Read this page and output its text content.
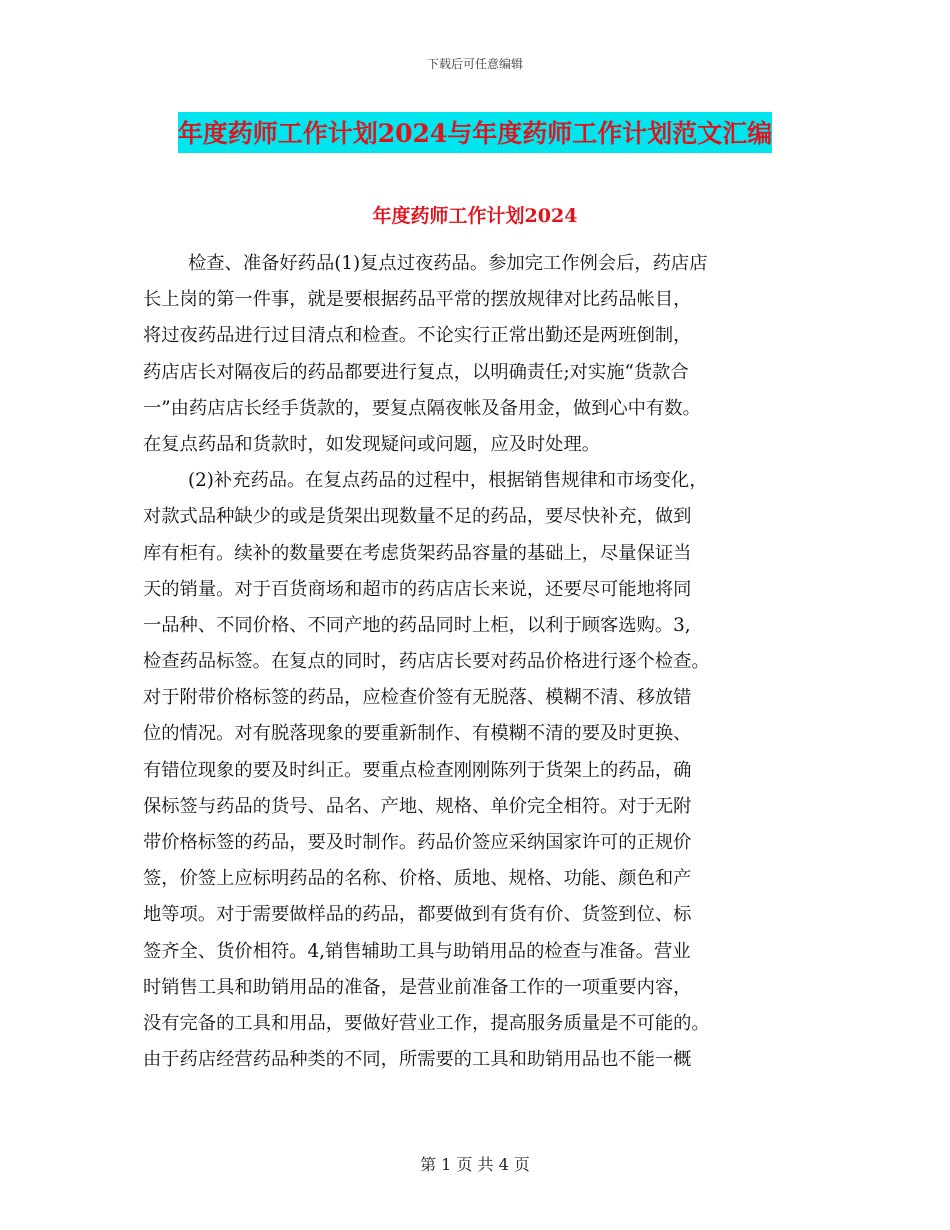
下载后可任意编辑
年度药师工作计划2024与年度药师工作计划范文汇编
年度药师工作计划2024
检查、准备好药品(1)复点过夜药品。参加完工作例会后，药店店
长上岗的第一件事，就是要根据药品平常的摆放规律对比药品帐目，
将过夜药品进行过目清点和检查。不论实行正常出勤还是两班倒制，
药店店长对隔夜后的药品都要进行复点，以明确责任;对实施“货款合
一”由药店店长经手货款的，要复点隔夜帐及备用金，做到心中有数。
在复点药品和货款时，如发现疑问或问题，应及时处理。
(2)补充药品。在复点药品的过程中，根据销售规律和市场变化，
对款式品种缺少的或是货架出现数量不足的药品，要尽快补充，做到
库有柜有。续补的数量要在考虑货架药品容量的基础上，尽量保证当
天的销量。对于百货商场和超市的药店店长来说，还要尽可能地将同
一品种、不同价格、不同产地的药品同时上柜，以利于顾客选购。3,
检查药品标签。在复点的同时，药店店长要对药品价格进行逐个检查。
对于附带价格标签的药品，应检查价签有无脱落、模糊不清、移放错
位的情况。对有脱落现象的要重新制作、有模糊不清的要及时更换、
有错位现象的要及时纠正。要重点检查刚刚陈列于货架上的药品，确
保标签与药品的货号、品名、产地、规格、单价完全相符。对于无附
带价格标签的药品，要及时制作。药品价签应采纳国家许可的正规价
签，价签上应标明药品的名称、价格、质地、规格、功能、颜色和产
地等项。对于需要做样品的药品，都要做到有货有价、货签到位、标
签齐全、货价相符。4,销售辅助工具与助销用品的检查与准备。营业
时销售工具和助销用品的准备，是营业前准备工作的一项重要内容，
没有完备的工具和用品，要做好营业工作，提高服务质量是不可能的。
由于药店经营药品种类的不同，所需要的工具和助销用品也不能一概
第 1 页 共 4 页
